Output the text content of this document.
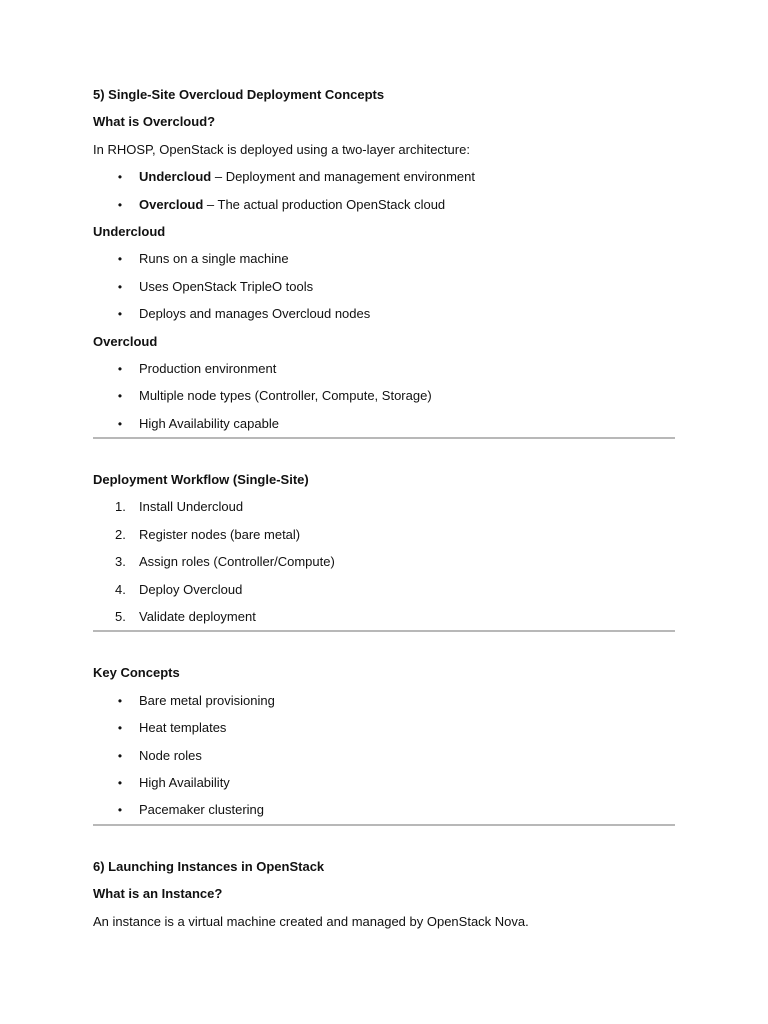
5) Single-Site Overcloud Deployment Concepts
What is Overcloud?
In RHOSP, OpenStack is deployed using a two-layer architecture:
• Undercloud – Deployment and management environment
• Overcloud – The actual production OpenStack cloud
Undercloud
• Runs on a single machine
• Uses OpenStack TripleO tools
• Deploys and manages Overcloud nodes
Overcloud
• Production environment
• Multiple node types (Controller, Compute, Storage)
• High Availability capable
Deployment Workflow (Single-Site)
1.	Install Undercloud
2.	Register nodes (bare metal)
3.	Assign roles (Controller/Compute)
4.	Deploy Overcloud
5.	Validate deployment
Key Concepts
• Bare metal provisioning
• Heat templates
• Node roles
• High Availability
• Pacemaker clustering
6) Launching Instances in OpenStack
What is an Instance?
An instance is a virtual machine created and managed by OpenStack Nova.
